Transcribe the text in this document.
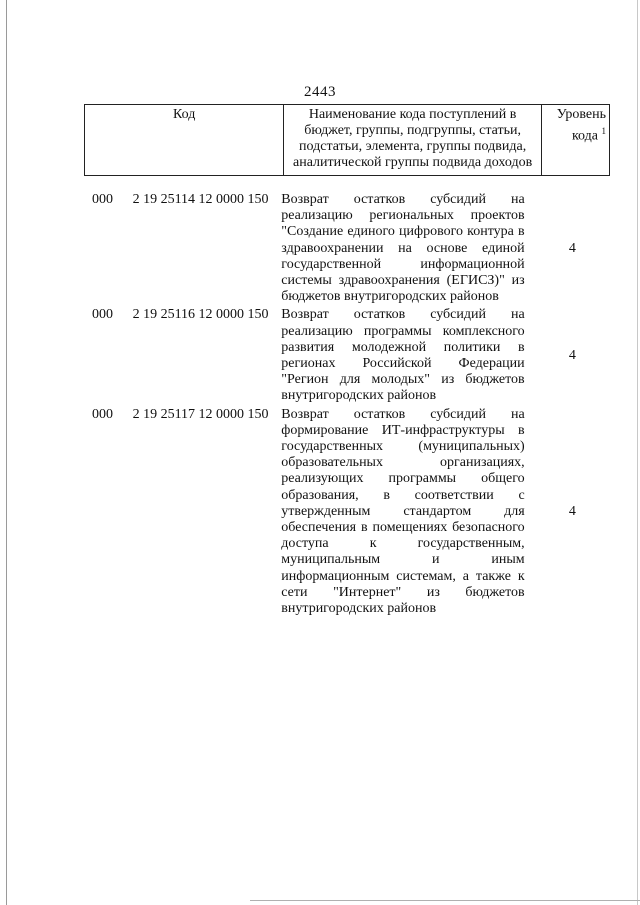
2443
Код	Наименование кода поступлений в бюджет, группы, подгруппы, статьи, подстатьи, элемента, группы подвида, аналитической группы подвида доходов	
Уровень
кода $^1$
000	2 19 25114 12 0000 150 Возврат остатков субсидий на реализацию региональных проектов "Создание единого цифрового контура в здравоохранении на основе единой государственной информационной системы здравоохранения (ЕГИСЗ)" из бюджетов внутригородских районов
4
000	2 19 25116 12 0000 150 Возврат остатков субсидий на реализацию программы комплексного развития молодежной политики в регионах Российской Федерации "Регион для молодых" из бюджетов внутригородских районов
4
000	2 19 25117 12 0000 150 Возврат остатков субсидий на формирование ИТ-инфраструктуры в государственных (муниципальных) образовательных организациях, реализующих программы общего образования, в соответствии с утвержденным стандартом для обеспечения в помещениях безопасного доступа к государственным, муниципальным и иным информационным системам, а также к сети "Интернет" из бюджетов внутригородских районов
4
